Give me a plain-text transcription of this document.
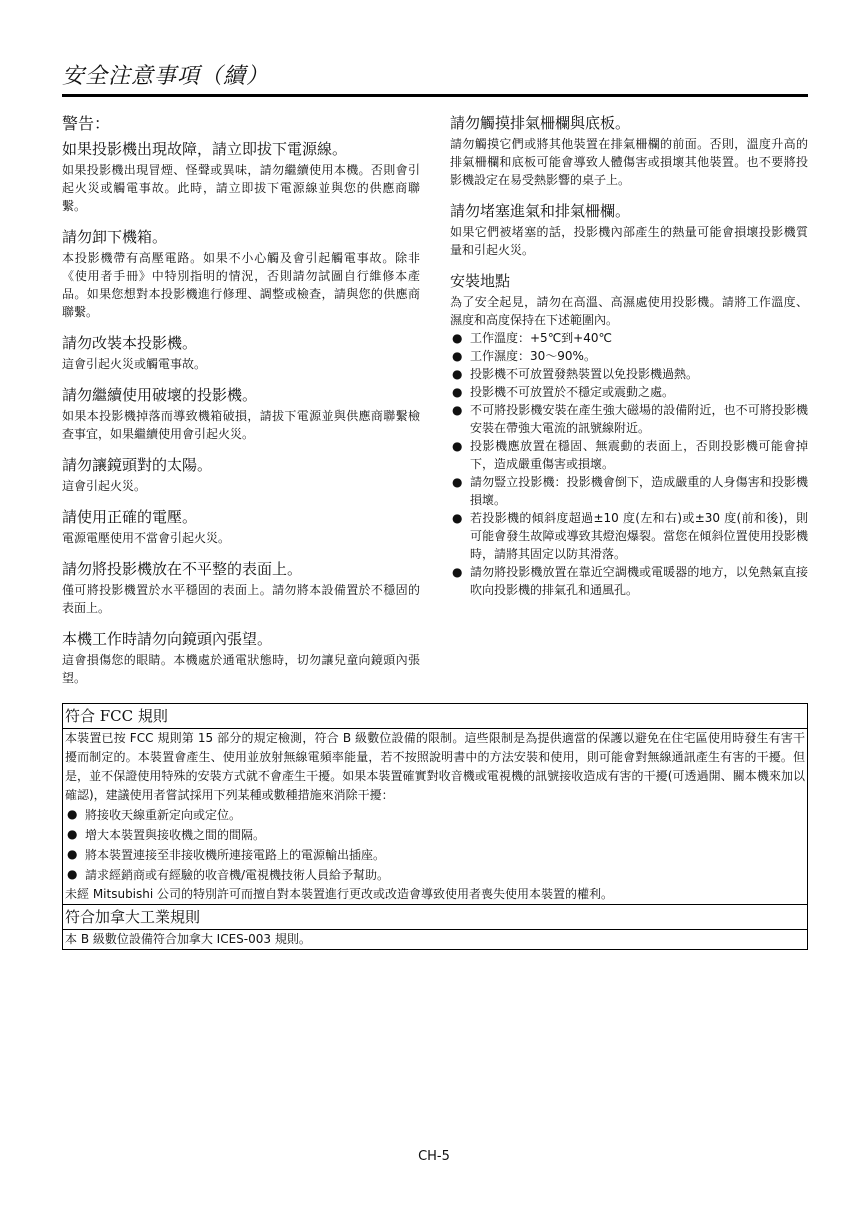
安全注意事項（續）
警告：
如果投影機出現故障，請立即拔下電源線。

如果投影機出現冒煙、怪聲或異味，請勿繼續使用本機。否則會引起火災或觸電事故。此時，請立即拔下電源線並與您的供應商聯繫。

請勿卸下機箱。

本投影機帶有高壓電路。如果不小心觸及會引起觸電事故。除非《使用者手冊》中特別指明的情況，否則請勿試圖自行維修本產品。如果您想對本投影機進行修理、調整或檢查，請與您的供應商聯繫。

請勿改裝本投影機。

這會引起火災或觸電事故。

請勿繼續使用破壞的投影機。

如果本投影機掉落而導致機箱破損，請拔下電源並與供應商聯繫檢查事宜，如果繼續使用會引起火災。

請勿讓鏡頭對的太陽。

這會引起火災。

請使用正確的電壓。

電源電壓使用不當會引起火災。

請勿將投影機放在不平整的表面上。

僅可將投影機置於水平穩固的表面上。請勿將本設備置於不穩固的表面上。

本機工作時請勿向鏡頭內張望。

這會損傷您的眼睛。本機處於通電狀態時，切勿讓兒童向鏡頭內張望。

請勿觸摸排氣柵欄與底板。

請勿觸摸它們或將其他裝置在排氣柵欄的前面。否則，溫度升高的排氣柵欄和底板可能會導致人體傷害或損壞其他裝置。也不要將投影機設定在易受熱影響的桌子上。

請勿堵塞進氣和排氣柵欄。

如果它們被堵塞的話，投影機內部產生的熱量可能會損壞投影機質量和引起火災。

安裝地點

為了安全起見，請勿在高溫、高濕處使用投影機。請將工作溫度、濕度和高度保持在下述範圍內。

● 工作溫度：+5℃到+40℃
● 工作濕度：30～90%。
● 投影機不可放置發熱裝置以免投影機過熱。
● 投影機不可放置於不穩定或震動之處。
● 不可將投影機安裝在產生強大磁場的設備附近，也不可將投影機安裝在帶強大電流的訊號線附近。
● 投影機應放置在穩固、無震動的表面上，否則投影機可能會掉下，造成嚴重傷害或損壞。
● 請勿豎立投影機：投影機會倒下，造成嚴重的人身傷害和投影機損壞。
● 若投影機的傾斜度超過±10 度(左和右)或±30 度(前和後)，則可能會發生故障或導致其燈泡爆裂。當您在傾斜位置使用投影機時，請將其固定以防其滑落。
● 請勿將投影機放置在靠近空調機或電暖器的地方，以免熱氣直接吹向投影機的排氣孔和通風孔。
符合 FCC 規則
本裝置已按 FCC 規則第 15 部分的規定檢測，符合 B 級數位設備的限制。這些限制是為提供適當的保護以避免在住宅區使用時發生有害干擾而制定的。本裝置會產生、使用並放射無線電頻率能量，若不按照說明書中的方法安裝和使用，則可能會對無線通訊產生有害的干擾。但是，並不保證使用特殊的安裝方式就不會產生干擾。如果本裝置確實對收音機或電視機的訊號接收造成有害的干擾(可透過開、關本機來加以確認)，建議使用者嘗試採用下列某種或數種措施來消除干擾：
● 將接收天線重新定向或定位。
● 增大本裝置與接收機之間的間隔。
● 將本裝置連接至非接收機所連接電路上的電源輸出插座。
● 請求經銷商或有經驗的收音機/電視機技術人員給予幫助。
未經 Mitsubishi 公司的特別許可而擅自對本裝置進行更改或改造會導致使用者喪失使用本裝置的權利。
符合加拿大工業規則
本 B 級數位設備符合加拿大 ICES-003 規則。
CH-5
